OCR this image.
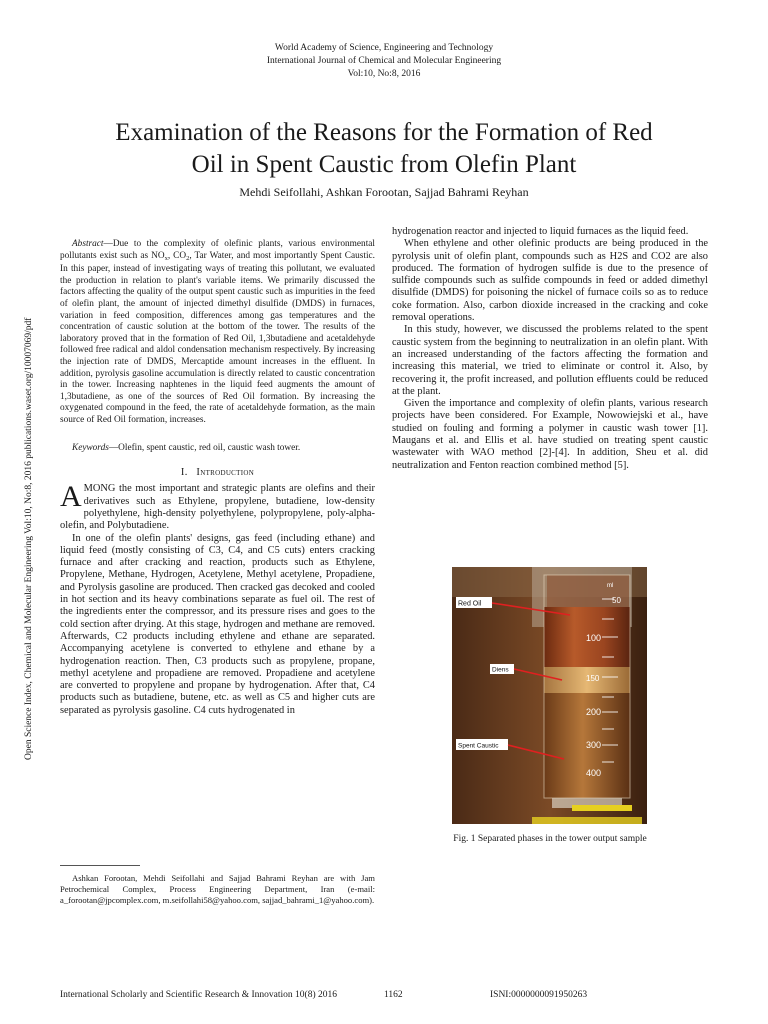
World Academy of Science, Engineering and Technology
International Journal of Chemical and Molecular Engineering
Vol:10, No:8, 2016
Examination of the Reasons for the Formation of Red
Oil in Spent Caustic from Olefin Plant
Mehdi Seifollahi, Ashkan Forootan, Sajjad Bahrami Reyhan
Open Science Index, Chemical and Molecular Engineering Vol:10, No:8, 2016 publications.waset.org/10007069/pdf

Abstract—Due to the complexity of olefinic plants, various environmental pollutants exist such as $NO_x$, $CO_2$, Tar Water, and most importantly Spent Caustic. In this paper, instead of investigating ways of treating this pollutant, we evaluated the production in relation to plant's variable items. We primarily discussed the factors affecting the quality of the output spent caustic such as impurities in the feed of olefin plant, the amount of injected dimethyl disulfide (DMDS) in furnaces, variation in feed composition, differences among gas temperatures and the concentration of caustic solution at the bottom of the tower. The results of the laboratory proved that in the formation of Red Oil, 1,3butadiene and acetaldehyde followed free radical and aldol condensation mechanism respectively. By increasing the injection rate of DMDS, Mercaptide amount increases in the effluent. In addition, pyrolysis gasoline accumulation is directly related to caustic concentration in the tower. Increasing naphtenes in the liquid feed augments the amount of 1,3butadiene, as one of the sources of Red Oil formation. By increasing the oxygenated compound in the feed, the rate of acetaldehyde formation, as the main source of Red Oil formation, increases.

Keywords—Olefin, spent caustic, red oil, caustic wash tower.

I. Introduction

AMONG the most important and strategic plants are olefins and their derivatives such as Ethylene, propylene, butadiene, low-density polyethylene, high-density polyethylene, polypropylene, poly-alpha-olefin, and Polybutadiene.

In one of the olefin plants' designs, gas feed (including ethane) and liquid feed (mostly consisting of C3, C4, and C5 cuts) enters cracking furnace and after cracking and reaction, products such as Ethylene, Propylene, Methane, Hydrogen, Acetylene, Methyl acetylene, Propadiene, and Pyrolysis gasoline are produced. Then cracked gas decoked and cooled in hot section and its heavy combinations separate as fuel oil. The rest of the ingredients enter the compressor, and its pressure rises and goes to the cold section after drying. At this stage, hydrogen and methane are removed. Afterwards, C2 products including ethylene and ethane are separated. Accompanying acetylene is converted to ethylene and ethane by a hydrogenation reaction. Then, C3 products such as propylene, propane, methyl acetylene and propadiene are removed. Propadiene and acetylene are converted to propylene and propane by hydrogenation. After that, C4 products such as butadiene, butene, etc. as well as C5 and higher cuts are separated as pyrolysis gasoline. C4 cuts hydrogenated in

Ashkan Forootan, Mehdi Seifollahi and Sajjad Bahrami Reyhan are with Jam Petrochemical Complex, Process Engineering Department, Iran (e-mail: a_forootan@jpcomplex.com, m.seifollahi58@yahoo.com, sajjad_bahrami_1@yahoo.com).

hydrogenation reactor and injected to liquid furnaces as the liquid feed.

When ethylene and other olefinic products are being produced in the pyrolysis unit of olefin plant, compounds such as H2S and CO2 are also produced. The formation of hydrogen sulfide is due to the presence of sulfide compounds such as sulfide compounds in feed or added dimethyl disulfide (DMDS) for poisoning the nickel of furnace coils so as to reduce coke formation. Also, carbon dioxide increased in the cracking and coke removal operations.

In this study, however, we discussed the problems related to the spent caustic system from the beginning to neutralization in an olefin plant. With an increased understanding of the factors affecting the formation and increasing this material, we tried to eliminate or control it. Also, by recovering it, the profit increased, and pollution effluents could be reduced at the plant.

Given the importance and complexity of olefin plants, various research projects have been considered. For Example, Nowowiejski et al., have studied on fouling and forming a polymer in caustic wash tower [1]. Maugans et al. and Ellis et al. have studied on treating spent caustic wastewater with WAO method [2]-[4]. In addition, Sheu et al. did neutralization and Fenton reaction combined method [5].

ml
50
100
150
200
300
400
Red Oil
Diens
Spent Caustic
Fig. 1 Separated phases in the tower output sample
International Scholarly and Scientific Research & Innovation 10(8) 2016	1162	ISNI:0000000091950263
